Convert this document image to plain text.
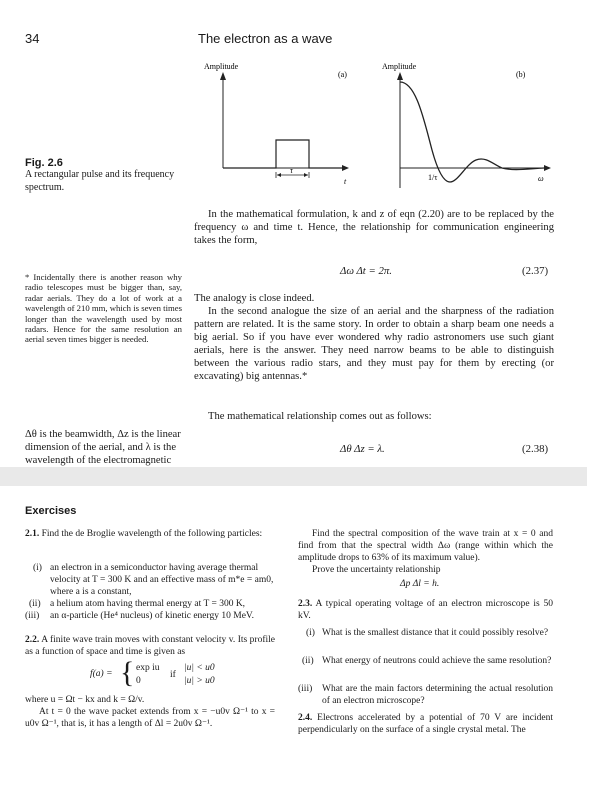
34	The electron as a wave
Amplitude
(a)
τ
t
Amplitude
(b)
1/τ	ω
Fig. 2.6
A rectangular pulse and its frequency spectrum.
In the mathematical formulation, k and z of eqn (2.20) are to be replaced by the frequency ω and time t. Hence, the relationship for communication engineering takes the form,
Δω Δt = 2π.	(2.37)
The analogy is close indeed.
In the second analogue the size of an aerial and the sharpness of the radiation pattern are related. It is the same story. In order to obtain a sharp beam one needs a big aerial. So if you have ever wondered why radio astronomers use such giant aerials, here is the answer. They need narrow beams to be able to distinguish between the various radio stars, and they must pay for them by erecting (or excavating) big antennas.*
The mathematical relationship comes out as follows:
Δθ Δz = λ.	(2.38)
* Incidentally there is another reason why radio telescopes must be bigger than, say, radar aerials. They do a lot of work at a wavelength of 210 mm, which is seven times longer than the wavelength used by most radars. Hence for the same resolution an aerial seven times bigger is needed.
Δθ is the beamwidth, Δz is the linear dimension of the aerial, and λ is the wavelength of the electromagnetic
Exercises
2.1. Find the de Broglie wavelength of the following particles:
(i) an electron in a semiconductor having average thermal
velocity at T = 300 K and an effective mass of m*e = am0,
where a is a constant,
(ii) a helium atom having thermal energy at T = 300 K,
(iii) an α-particle (He⁴ nucleus) of kinetic energy 10 MeV.
2.2. A finite wave train moves with constant velocity v. Its profile as a function of space and time is given as
f(a) = { exp iu
0
if
|u| < u0
|u| > u0
where u = Ωt − kx and k = Ω/v.
At t = 0 the wave packet extends from x = −u0v Ω⁻¹ to x = u0v Ω⁻¹, that is, it has a length of Δl = 2u0v Ω⁻¹.
Find the spectral composition of the wave train at x = 0 and find from that the spectral width Δω (range within which the amplitude drops to 63% of its maximum value).
Prove the uncertainty relationship
Δp Δl = h.
2.3. A typical operating voltage of an electron microscope is 50 kV.
(i) What is the smallest distance that it could possibly resolve?
(ii) What energy of neutrons could achieve the same resolution?
(iii) What are the main factors determining the actual resolution of an electron microscope?
2.4. Electrons accelerated by a potential of 70 V are incident perpendicularly on the surface of a single crystal metal. The
